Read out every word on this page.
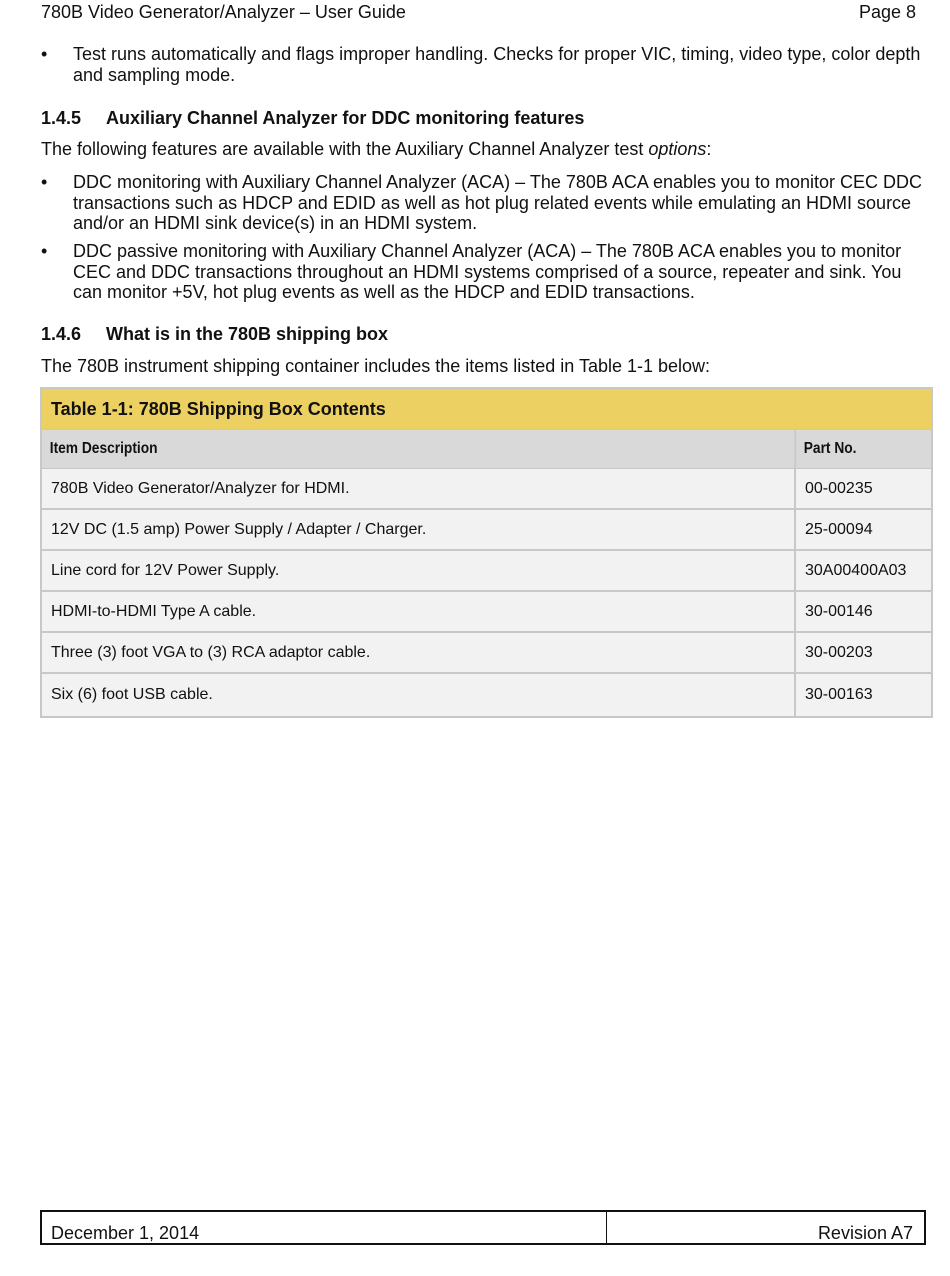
780B Video Generator/Analyzer – User Guide	Page 8
•	Test runs automatically and flags improper handling. Checks for proper VIC, timing, video type, color depth and sampling mode.
1.4.5 Auxiliary Channel Analyzer for DDC monitoring features
The following features are available with the Auxiliary Channel Analyzer test options:
•	DDC monitoring with Auxiliary Channel Analyzer (ACA) – The 780B ACA enables you to monitor CEC DDC transactions such as HDCP and EDID as well as hot plug related events while emulating an HDMI source and/or an HDMI sink device(s) in an HDMI system.
•	DDC passive monitoring with Auxiliary Channel Analyzer (ACA) – The 780B ACA enables you to monitor CEC and DDC transactions throughout an HDMI systems comprised of a source, repeater and sink. You can monitor +5V, hot plug events as well as the HDCP and EDID transactions.
1.4.6 What is in the 780B shipping box
The 780B instrument shipping container includes the items listed in Table 1-1 below:
Table 1-1: 780B Shipping Box Contents
Item Description	Part No.
780B Video Generator/Analyzer for HDMI.	00-00235
12V DC (1.5 amp) Power Supply / Adapter / Charger.	25-00094
Line cord for 12V Power Supply.	30A00400A03
HDMI-to-HDMI Type A cable.	30-00146
Three (3) foot VGA to (3) RCA adaptor cable.	30-00203
Six (6) foot USB cable.	30-00163
December 1, 2014	Revision A7
